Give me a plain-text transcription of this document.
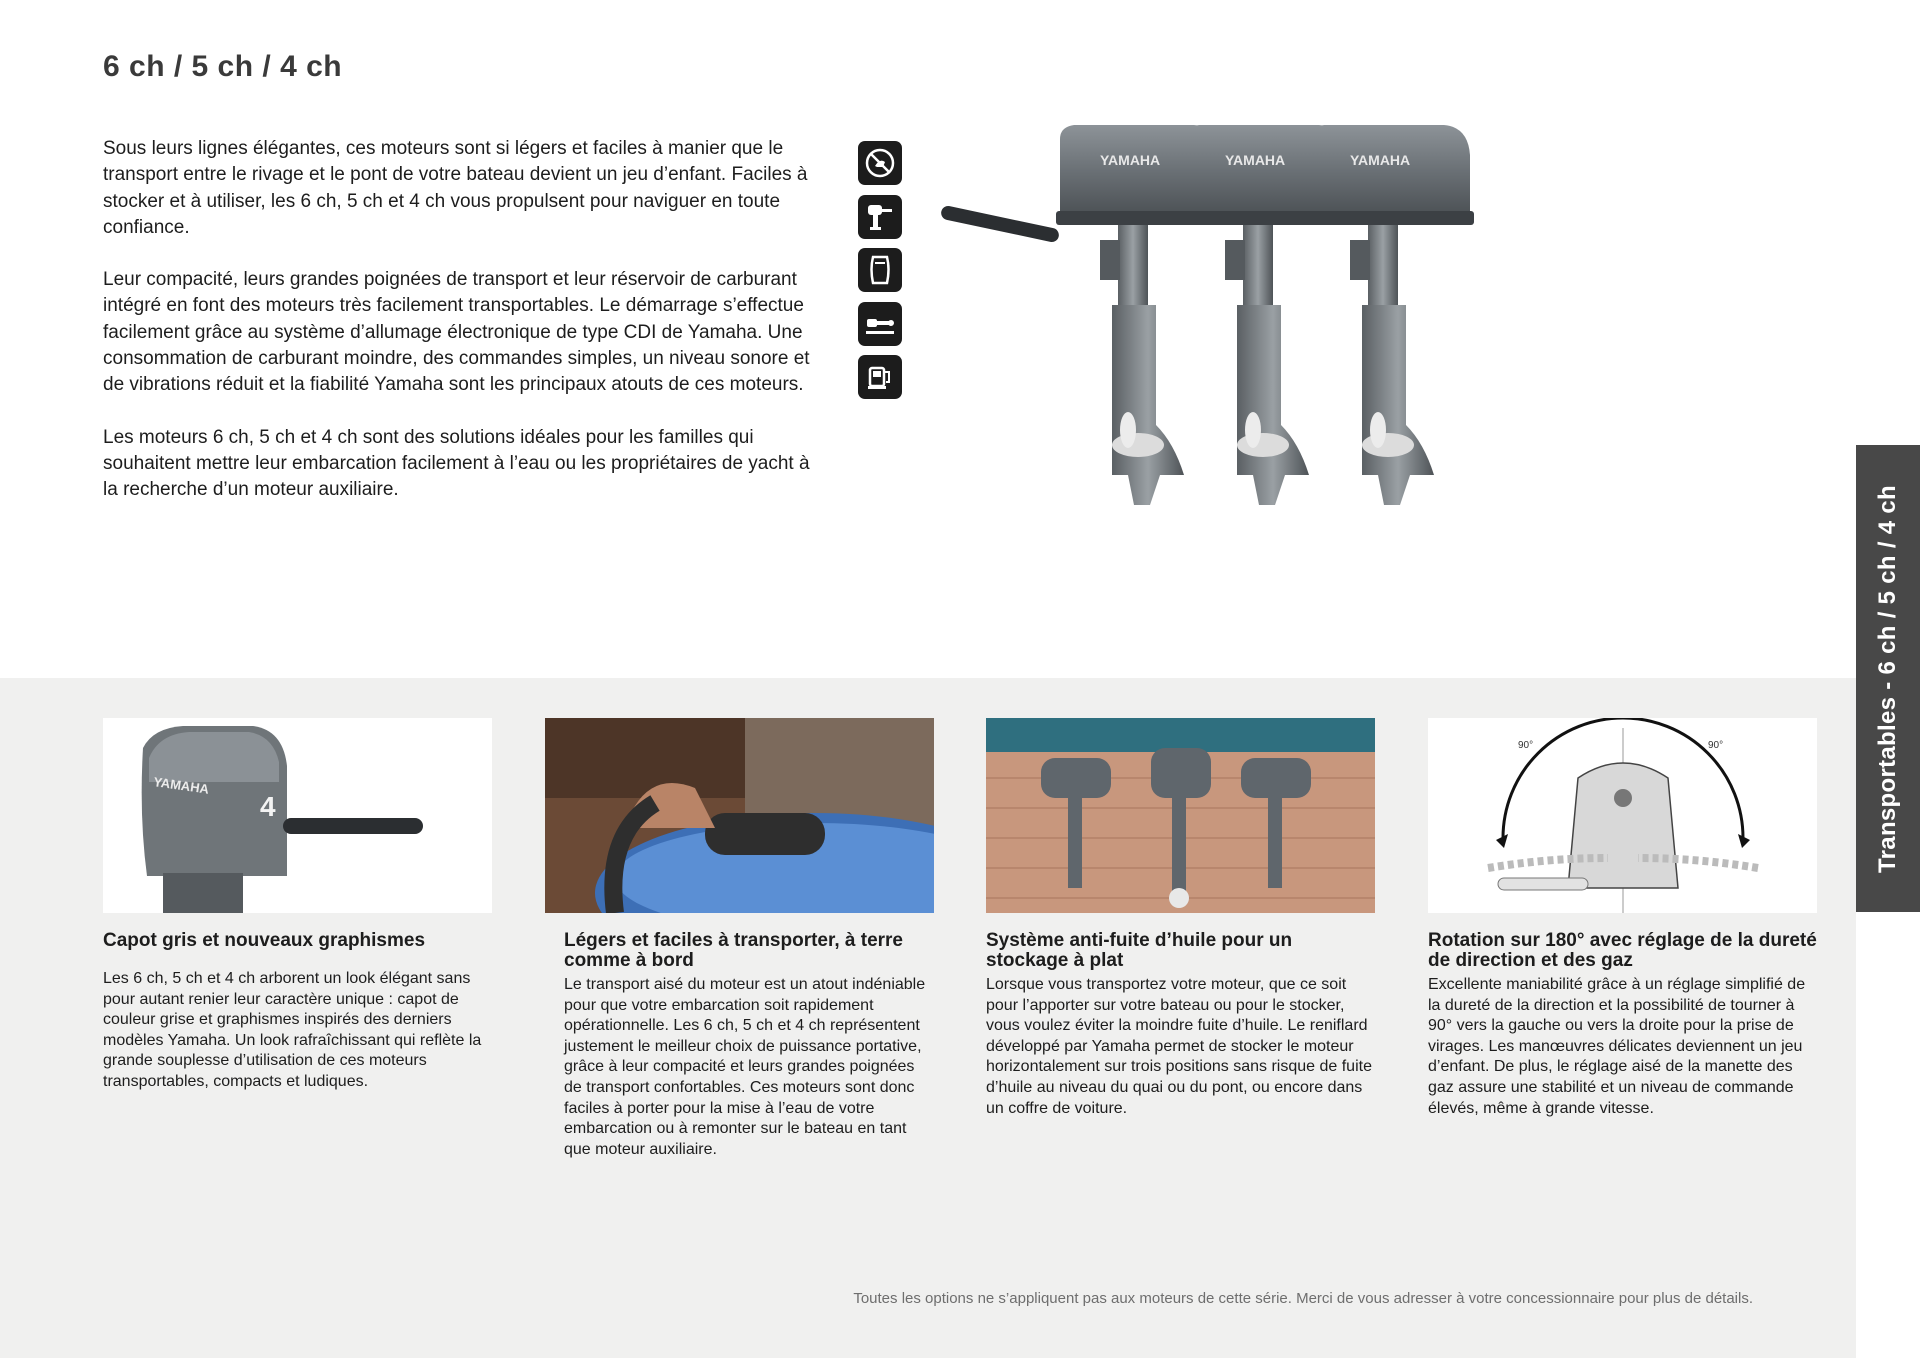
6 ch / 5 ch / 4 ch

Sous leurs lignes élégantes, ces moteurs sont si légers et faciles à manier que le transport entre le rivage et le pont de votre bateau devient un jeu d’enfant. Faciles à stocker et à utiliser, les 6 ch, 5 ch et 4 ch vous propulsent pour naviguer en toute confiance.

Leur compacité, leurs grandes poignées de transport et leur réservoir de carburant intégré en font des moteurs très facilement transportables. Le démarrage s’effectue facilement grâce au système d’allumage électronique de type CDI de Yamaha. Une consommation de carburant moindre, des commandes simples, un niveau sonore et de vibrations réduit et la fiabilité Yamaha sont les principaux atouts de ces moteurs.

Les moteurs 6 ch, 5 ch et 4 ch sont des solutions idéales pour les familles qui souhaitent mettre leur embarcation facilement à l’eau ou les propriétaires de yacht à la recherche d’un moteur auxiliaire.

YAMAHA
Transportables - 6 ch / 5 ch / 4 ch
YAMAHA
4
Capot gris et nouveaux graphismes

Les 6 ch, 5 ch et 4 ch arborent un look élégant sans pour autant renier leur caractère unique : capot de couleur grise et graphismes inspirés des derniers modèles Yamaha. Un look rafraîchissant qui reflète la grande souplesse d’utilisation de ces moteurs transportables, compacts et ludiques.

Légers et faciles à transporter, à terre comme à bord

Le transport aisé du moteur est un atout indéniable pour que votre embarcation soit rapidement opérationnelle. Les 6 ch, 5 ch et 4 ch représentent justement le meilleur choix de puissance portative, grâce à leur compacité et leurs grandes poignées de transport confortables. Ces moteurs sont donc faciles à porter pour la mise à l’eau de votre embarcation ou à remonter sur le bateau en tant que moteur auxiliaire.

Système anti-fuite d’huile pour un stockage à plat

Lorsque vous transportez votre moteur, que ce soit pour l’apporter sur votre bateau ou pour le stocker, vous voulez éviter la moindre fuite d’huile. Le reniflard développé par Yamaha permet de stocker le moteur horizontalement sur trois positions sans risque de fuite d’huile au niveau du quai ou du pont, ou encore dans un coffre de voiture.

90°	90°
Rotation sur 180° avec réglage de la dureté de direction et des gaz

Excellente maniabilité grâce à un réglage simplifié de la dureté de la direction et la possibilité de tourner à 90° vers la gauche ou vers la droite pour la prise de virages. Les manœuvres délicates deviennent un jeu d’enfant. De plus, le réglage aisé de la manette des gaz assure une stabilité et un niveau de commande élevés, même à grande vitesse.

Toutes les options ne s’appliquent pas aux moteurs de cette série. Merci de vous adresser à votre concessionnaire pour plus de détails.
